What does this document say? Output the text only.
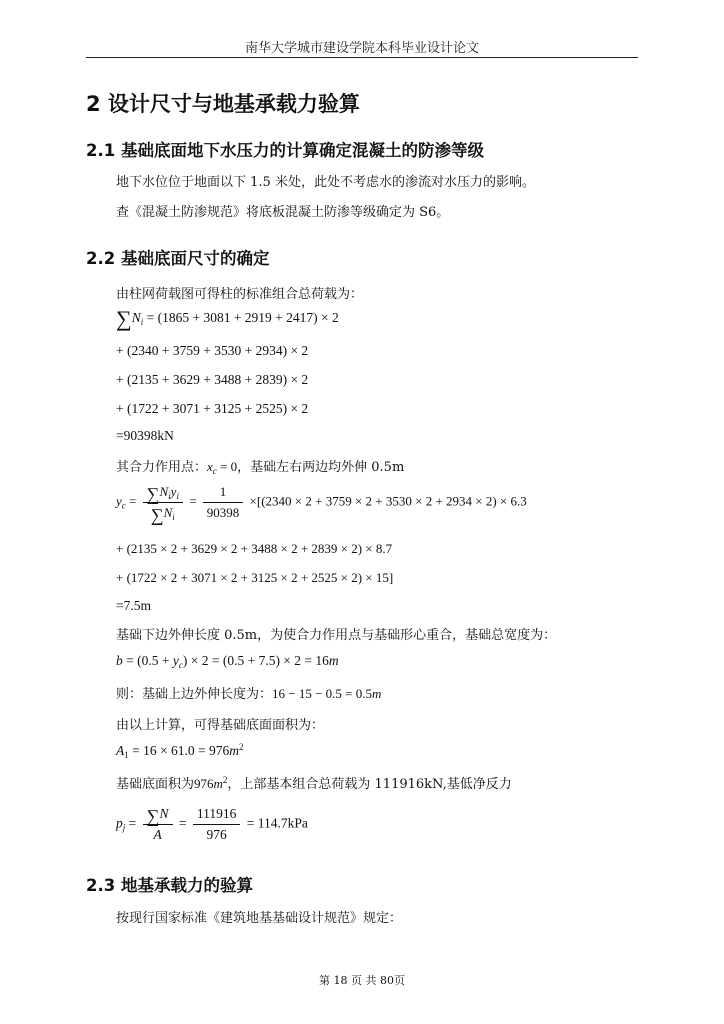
南华大学城市建设学院本科毕业设计论文
2 设计尺寸与地基承载力验算
2.1 基础底面地下水压力的计算确定混凝土的防渗等级
地下水位位于地面以下 1.5 米处，此处不考虑水的渗流对水压力的影响。
查《混凝土防渗规范》将底板混凝土防渗等级确定为 S6。
2.2 基础底面尺寸的确定
由柱网荷载图可得柱的标准组合总荷载为：
$\sum N_i = (1865 + 3081 + 2919 + 2417) \times 2$
+ (2340 + 3759 + 3530 + 2934) × 2
+ (2135 + 3629 + 3488 + 2839) × 2
+ (1722 + 3071 + 3125 + 2525) × 2
=90398kN
其合力作用点：$x_c = 0$，基础左右两边均外伸 0.5m
$y_c = \frac{\sum N_iy_i}{\sum N_i} = \frac{1}{90398} \times[(2340 \times 2 + 3759 \times 2 + 3530 \times 2 + 2934 \times 2) \times 6.3$
+ (2135 × 2 + 3629 × 2 + 3488 × 2 + 2839 × 2) × 8.7
+ (1722 × 2 + 3071 × 2 + 3125 × 2 + 2525 × 2) × 15]
=7.5m
基础下边外伸长度 0.5m，为使合力作用点与基础形心重合，基础总宽度为：
$b = (0.5 + y_c) \times 2 = (0.5 + 7.5) \times 2 = 16m$
则：基础上边外伸长度为：16 − 15 − 0.5 = 0.5m
由以上计算，可得基础底面面积为：
$A_1 = 16 \times 61.0 = 976m^2$
基础底面积为$976m^2$，上部基本组合总荷载为 111916kN,基低净反力
$p_j = \frac{\sum N}{A} = \frac{111916}{976} = 114.7kPa$
2.3 地基承载力的验算
按现行国家标准《建筑地基基础设计规范》规定：
第 18 页 共 80页
